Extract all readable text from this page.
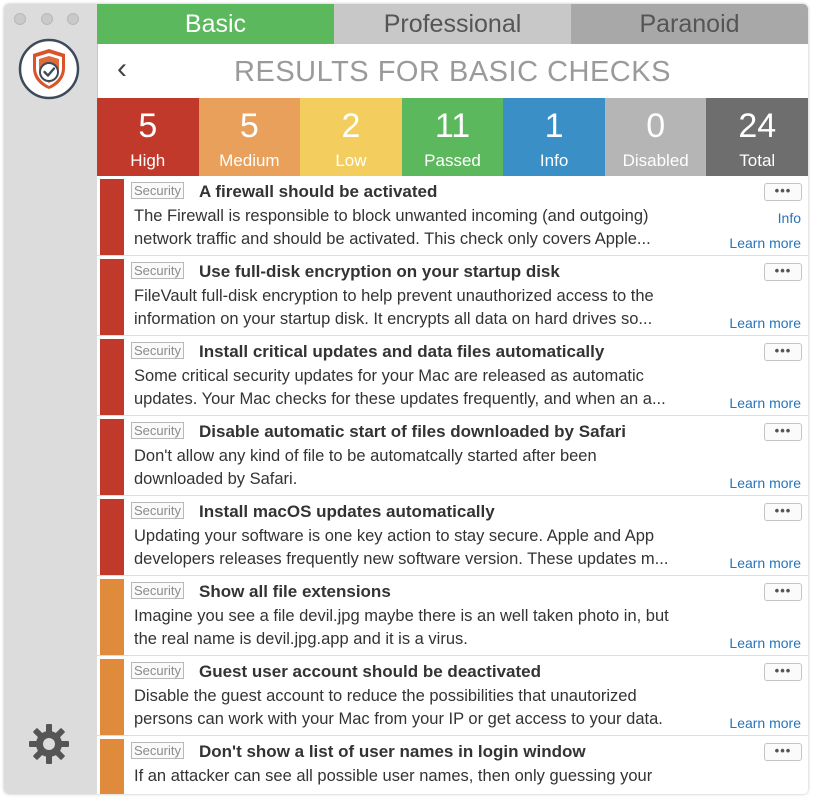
Basic	Professional	Paranoid
‹	RESULTS FOR BASIC CHECKS
5
High
5
Medium
2
Low
11
Passed
1
Info
0
Disabled
24
Total
Security A firewall should be activated
The Firewall is responsible to block unwanted incoming (and outgoing)
network traffic and should be activated. This check only covers Apple...
•••
Info
Learn more
Security Use full-disk encryption on your startup disk
FileVault full-disk encryption to help prevent unauthorized access to the
information on your startup disk. It encrypts all data on hard drives so...
•••
Learn more
Security Install critical updates and data files automatically
Some critical security updates for your Mac are released as automatic
updates. Your Mac checks for these updates frequently, and when an a...
•••
Learn more
Security Disable automatic start of files downloaded by Safari
Don't allow any kind of file to be automatcally started after been
downloaded by Safari.
•••
Learn more
Security Install macOS updates automatically
Updating your software is one key action to stay secure. Apple and App
developers releases frequently new software version. These updates m...
•••
Learn more
Security Show all file extensions
Imagine you see a file devil.jpg maybe there is an well taken photo in, but
the real name is devil.jpg.app and it is a virus.
•••
Learn more
Security Guest user account should be deactivated
Disable the guest account to reduce the possibilities that unautorized
persons can work with your Mac from your IP or get access to your data.
•••
Learn more
Security Don't show a list of user names in login window
If an attacker can see all possible user names, then only guessing your
•••
